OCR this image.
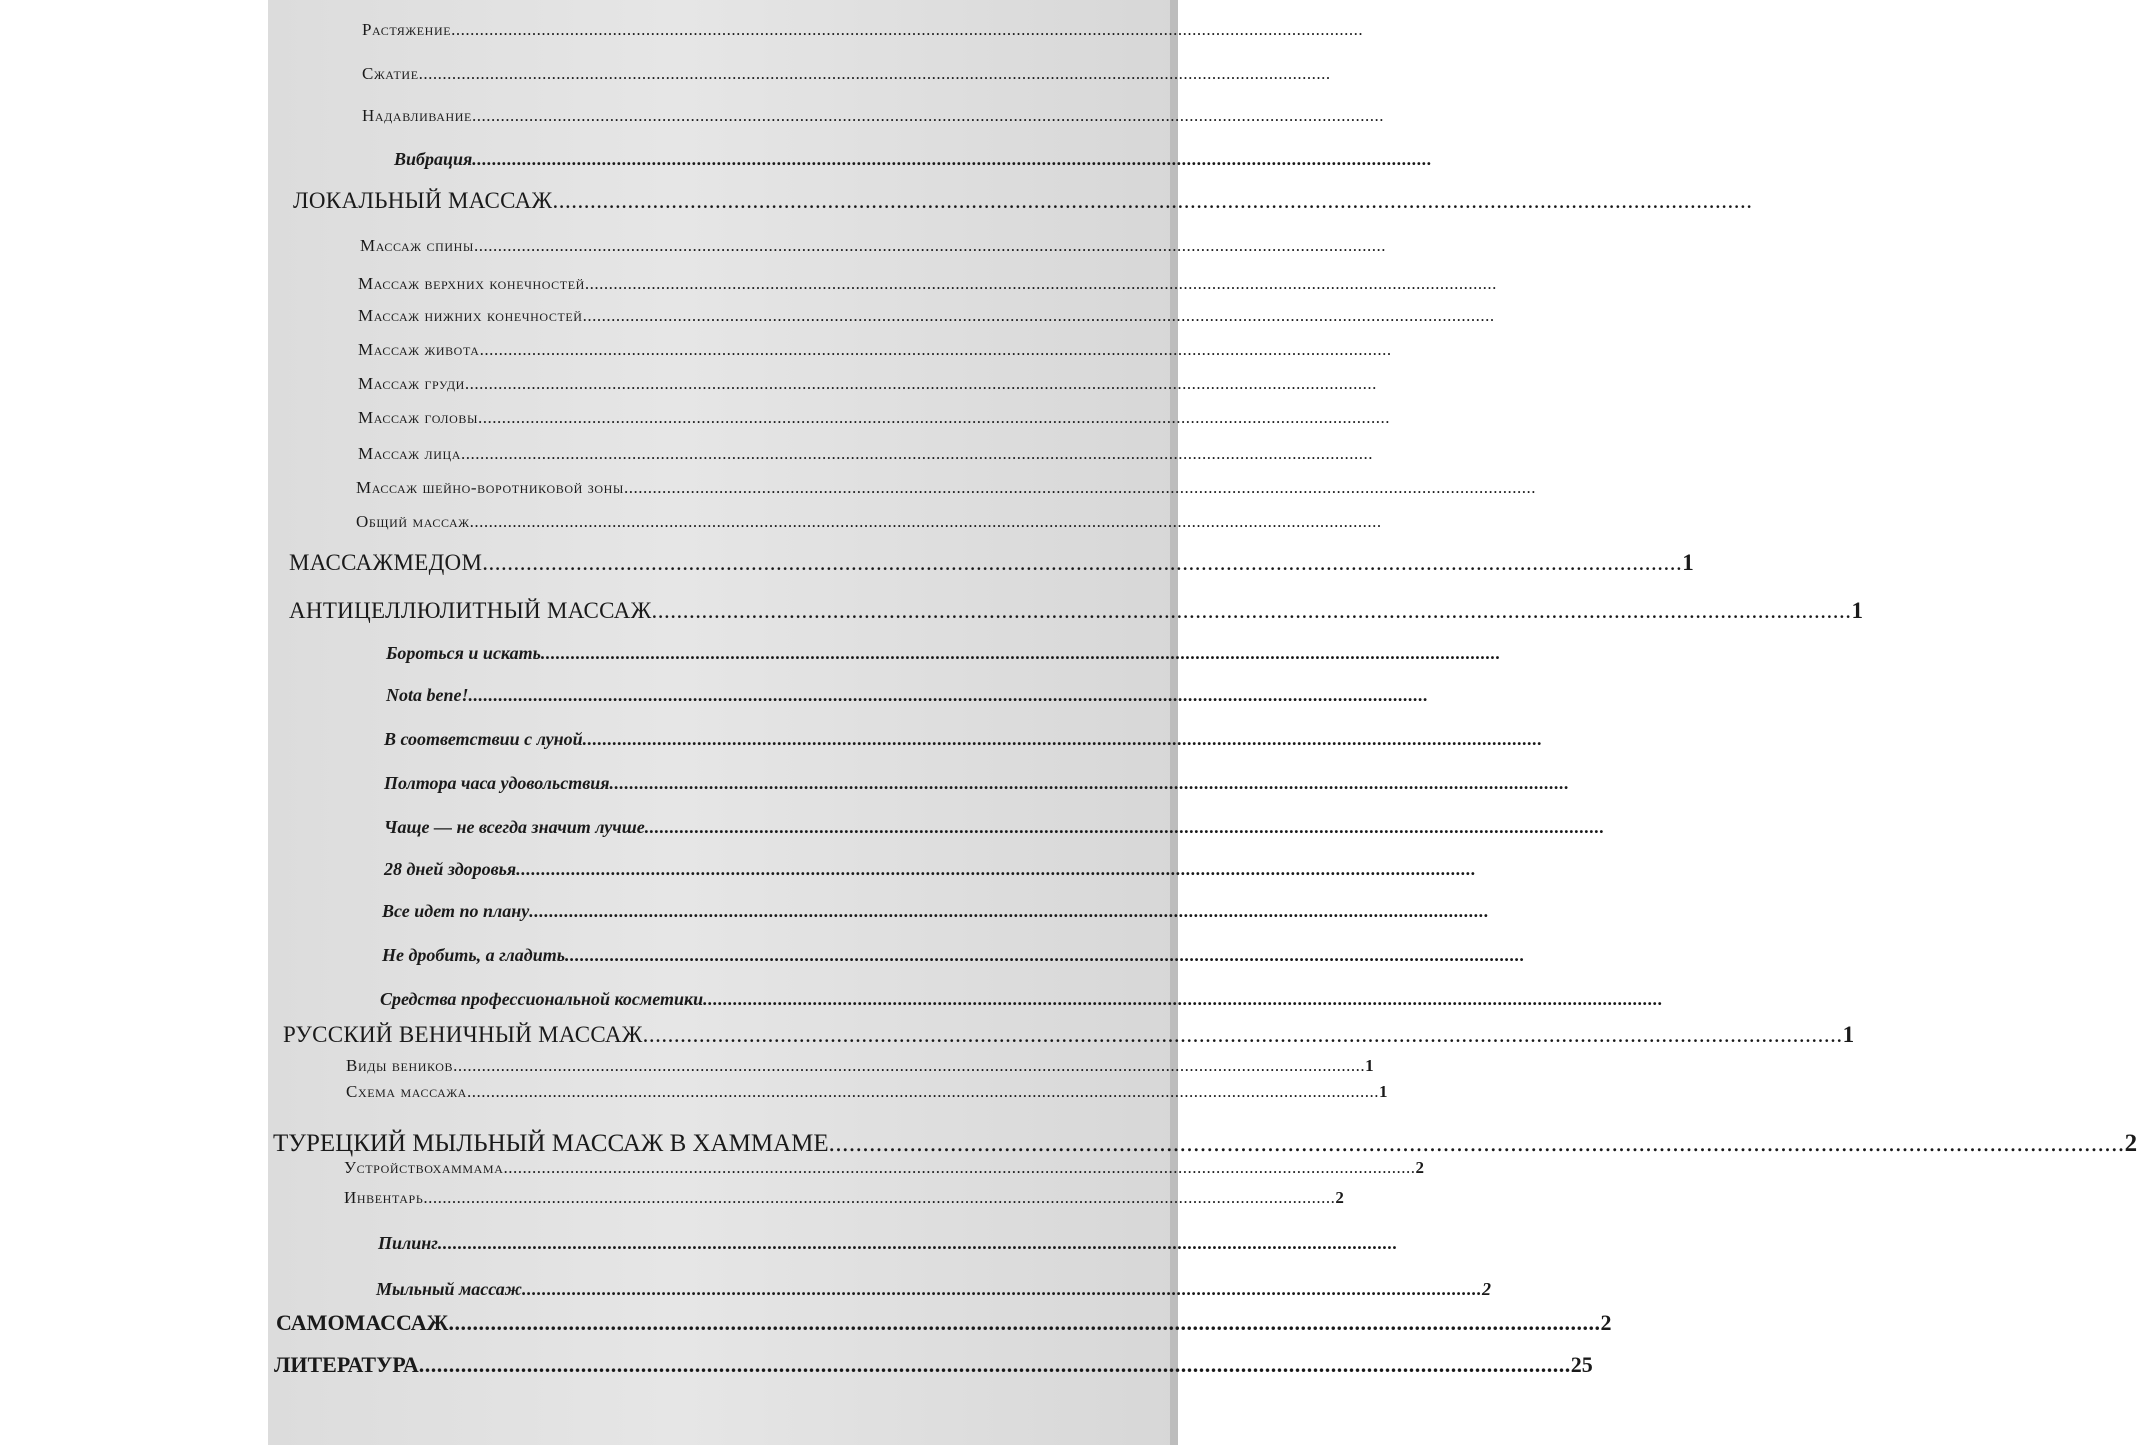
Растяжение ................................................................................................................................................................................................
Сжатие ................................................................................................................................................................................................
Надавливание ................................................................................................................................................................................................
Вибрация ................................................................................................................................................................................................
ЛОКАЛЬНЫЙ МАССАЖ ................................................................................................................................................................................................
Массаж спины ................................................................................................................................................................................................
Массаж верхних конечностей ................................................................................................................................................................................................
Массаж нижних конечностей ................................................................................................................................................................................................
Массаж живота ................................................................................................................................................................................................
Массаж груди ................................................................................................................................................................................................
Массаж головы ................................................................................................................................................................................................
Массаж лица ................................................................................................................................................................................................
Массаж шейно-воротниковой зоны ................................................................................................................................................................................................
Общий массаж ................................................................................................................................................................................................
МАССАЖМЕДОМ ................................................................................................................................................................................................ 1
АНТИЦЕЛЛЮЛИТНЫЙ МАССАЖ ................................................................................................................................................................................................ 1
Бороться и искать ................................................................................................................................................................................................
Nota bene! ................................................................................................................................................................................................
В соответствии с луной ................................................................................................................................................................................................
Полтора часа удовольствия ................................................................................................................................................................................................
Чаще — не всегда значит лучше ................................................................................................................................................................................................
28 дней здоровья ................................................................................................................................................................................................
Все идет по плану ................................................................................................................................................................................................
Не дробить, а гладить ................................................................................................................................................................................................
Средства профессиональной косметики ................................................................................................................................................................................................
РУССКИЙ ВЕНИЧНЫЙ МАССАЖ ................................................................................................................................................................................................ 1
Виды веников ................................................................................................................................................................................................ 1
Схема массажа ................................................................................................................................................................................................ 1
ТУРЕЦКИЙ МЫЛЬНЫЙ МАССАЖ В ХАММАМЕ ................................................................................................................................................................................................ 2
Устройствохаммама ................................................................................................................................................................................................ 2
Инвентарь ................................................................................................................................................................................................ 2
Пилинг ................................................................................................................................................................................................
Мыльный массаж ................................................................................................................................................................................................ 2
САМОМАССАЖ ................................................................................................................................................................................................ 2
ЛИТЕРАТУРА ................................................................................................................................................................................................ 25
